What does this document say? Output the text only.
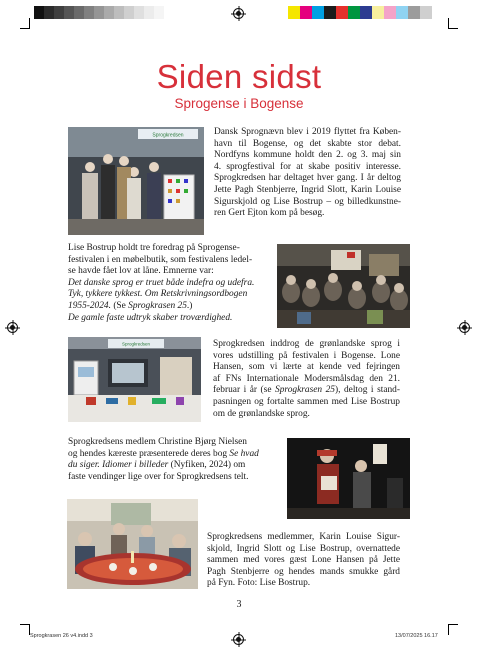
Siden sidst
Sprogense i Bogense
Sprogkredsen	Dansk Sprognævn blev i 2019 flyttet fra Køben-
havn til Bogense, og det skabte stor debat.
Nordfyns kommune holdt den 2. og 3. maj sin
4. sprogfestival for at skabe positiv interesse.
Sprogkredsen har deltaget hver gang. I år deltog
Jette Pagh Stenbjerre, Ingrid Slott, Karin Louise
Sigurskjold og Lise Bostrup – og billedkunstne-
ren Gert Ejton kom på besøg.
Lise Bostrup holdt tre foredrag på Sprogense-
festivalen i en møbelbutik, som festivalens ledel-
se havde fået lov at låne. Emnerne var:
Det danske sprog er truet både indefra og udefra.
Tyk, tykkere tykkest. Om Retskrivningsordbogen
1955-2024. (Se Sprogkrasen 25.)
De gamle faste udtryk skaber troværdighed.
Sprogkredsen	Sprogkredsen inddrog de grønlandske sprog i
vores udstilling på festivalen i Bogense. Lone
Hansen, som vi lærte at kende ved fejringen
af FNs Internationale Modersmålsdag den 21.
februar i år (se Sprogkrasen 25), deltog i stand-
pasningen og fortalte sammen med Lise Bostrup
om de grønlandske sprog.
Sprogkredsens medlem Christine Bjørg Nielsen
og hendes kæreste præsenterede deres bog Se hvad
du siger. Idiomer i billeder (Nyfiken, 2024) om
faste vendinger lige over for Sprogkredsens telt.
Sprogkredsens medlemmer, Karin Louise Sigur-
skjold, Ingrid Slott og Lise Bostrup, overnattede
sammen med vores gæst Lone Hansen på Jette
Pagh Stenbjerre og hendes mands smukke gård
på Fyn. Foto: Lise Bostrup.
3
Sprogkrasen 26 v4.indd 3	13/07/2025 16.17
